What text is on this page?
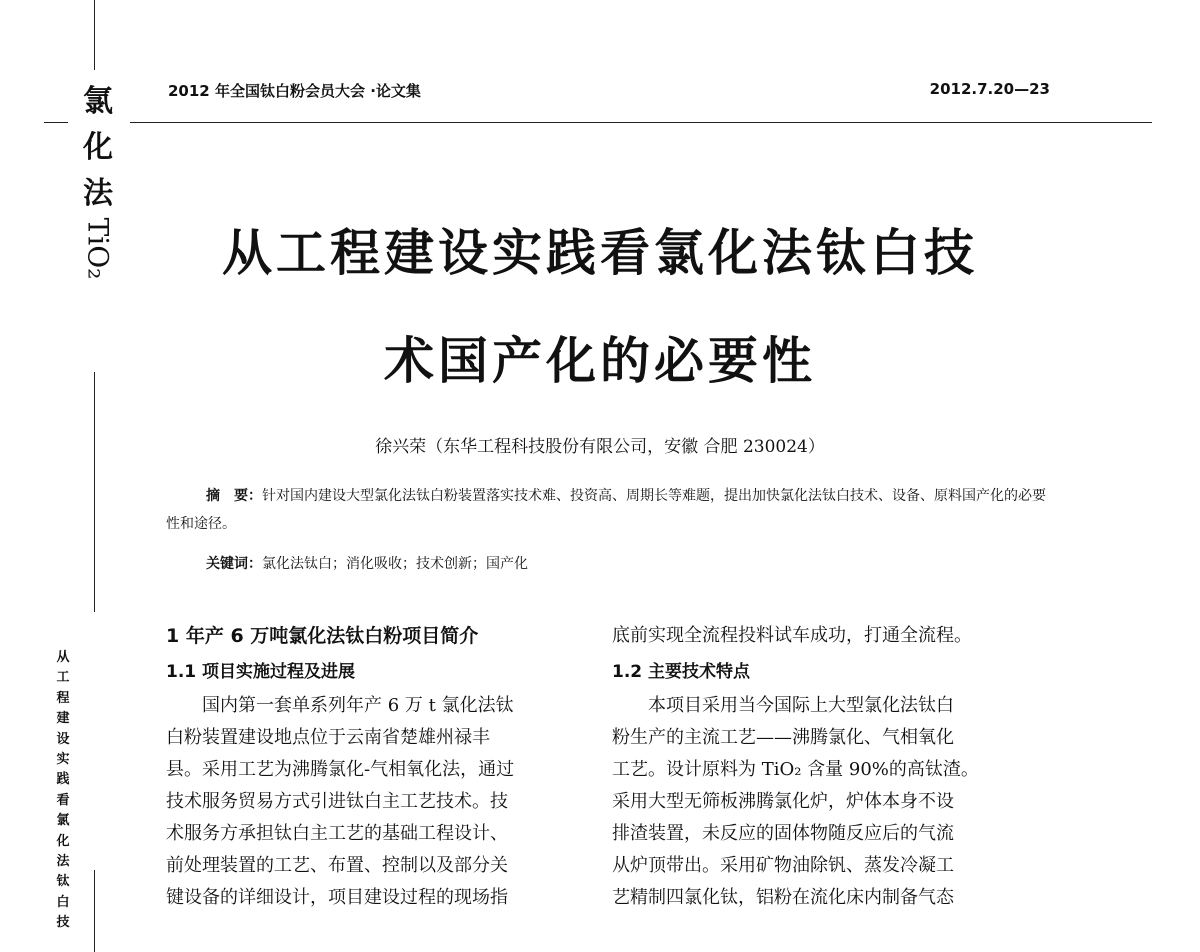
氯
化
法
TiO₂
从
工
程
建
设
实
践
看
氯
化
法
钛
白
技
2012 年全国钛白粉会员大会 ·论文集	2012.7.20—23
从工程建设实践看氯化法钛白技
术国产化的必要性
徐兴荣（东华工程科技股份有限公司，安徽 合肥 230024）
摘　要：针对国内建设大型氯化法钛白粉装置落实技术难、投资高、周期长等难题，提出加快氯化法钛白技术、设备、原料国产化的必要性和途径。
关键词：氯化法钛白；消化吸收；技术创新；国产化
1 年产 6 万吨氯化法钛白粉项目简介
1.1 项目实施过程及进展

国内第一套单系列年产 6 万 t 氯化法钛

白粉装置建设地点位于云南省楚雄州禄丰

县。采用工艺为沸腾氯化-气相氧化法，通过

技术服务贸易方式引进钛白主工艺技术。技

术服务方承担钛白主工艺的基础工程设计、

前处理装置的工艺、布置、控制以及部分关

键设备的详细设计，项目建设过程的现场指

底前实现全流程投料试车成功，打通全流程。
1.2 主要技术特点

本项目采用当今国际上大型氯化法钛白

粉生产的主流工艺——沸腾氯化、气相氧化

工艺。设计原料为 TiO₂ 含量 90%的高钛渣。

采用大型无筛板沸腾氯化炉，炉体本身不设

排渣装置，未反应的固体物随反应后的气流

从炉顶带出。采用矿物油除钒、蒸发冷凝工

艺精制四氯化钛，铝粉在流化床内制备气态
